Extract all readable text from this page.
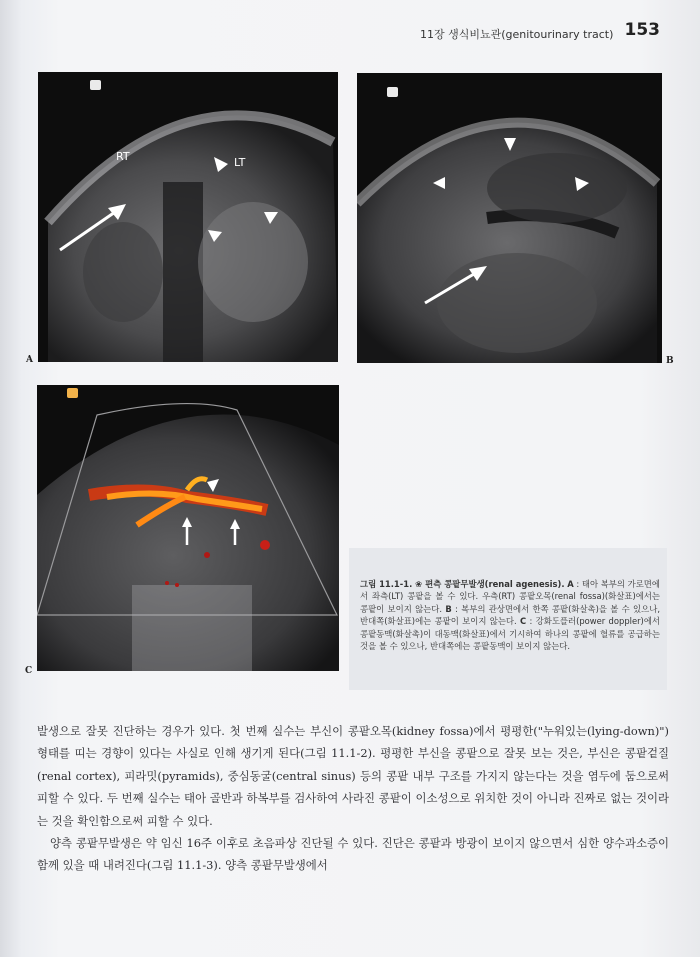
11장 생식비뇨관(genitourinary tract) 153
RT	LT
A	B
C
그림 11.1-1. ❀ 편측 콩팥무발생(renal agenesis). A : 태아 복부의 가로면에서 좌측(LT) 콩팥을 볼 수 있다. 우측(RT) 콩팥오목(renal fossa)(화살표)에서는 콩팥이 보이지 않는다. B : 복부의 관상면에서 한쪽 콩팥(화살촉)을 볼 수 있으나, 반대쪽(화살표)에는 콩팥이 보이지 않는다. C : 강화도플러(power doppler)에서 콩팥동맥(화살촉)이 대동맥(화살표)에서 기시하여 하나의 콩팥에 혈류를 공급하는 것을 볼 수 있으나, 반대쪽에는 콩팥동맥이 보이지 않는다.

발생으로 잘못 진단하는 경우가 있다. 첫 번째 실수는 부신이 콩팥오목(kidney fossa)에서 평평한("누워있는(lying-down)") 형태를 띠는 경향이 있다는 사실로 인해 생기게 된다(그림 11.1-2). 평평한 부신을 콩팥으로 잘못 보는 것은, 부신은 콩팥겉질(renal cortex), 피라밋(pyramids), 중심동굴(central sinus) 등의 콩팥 내부 구조를 가지지 않는다는 것을 염두에 둠으로써 피할 수 있다. 두 번째 실수는 태아 골반과 하복부를 검사하여 사라진 콩팥이 이소성으로 위치한 것이 아니라 진짜로 없는 것이라는 것을 확인함으로써 피할 수 있다.

양측 콩팥무발생은 약 임신 16주 이후로 초음파상 진단될 수 있다. 진단은 콩팥과 방광이 보이지 않으면서 심한 양수과소증이 함께 있을 때 내려진다(그림 11.1-3). 양측 콩팥무발생에서
